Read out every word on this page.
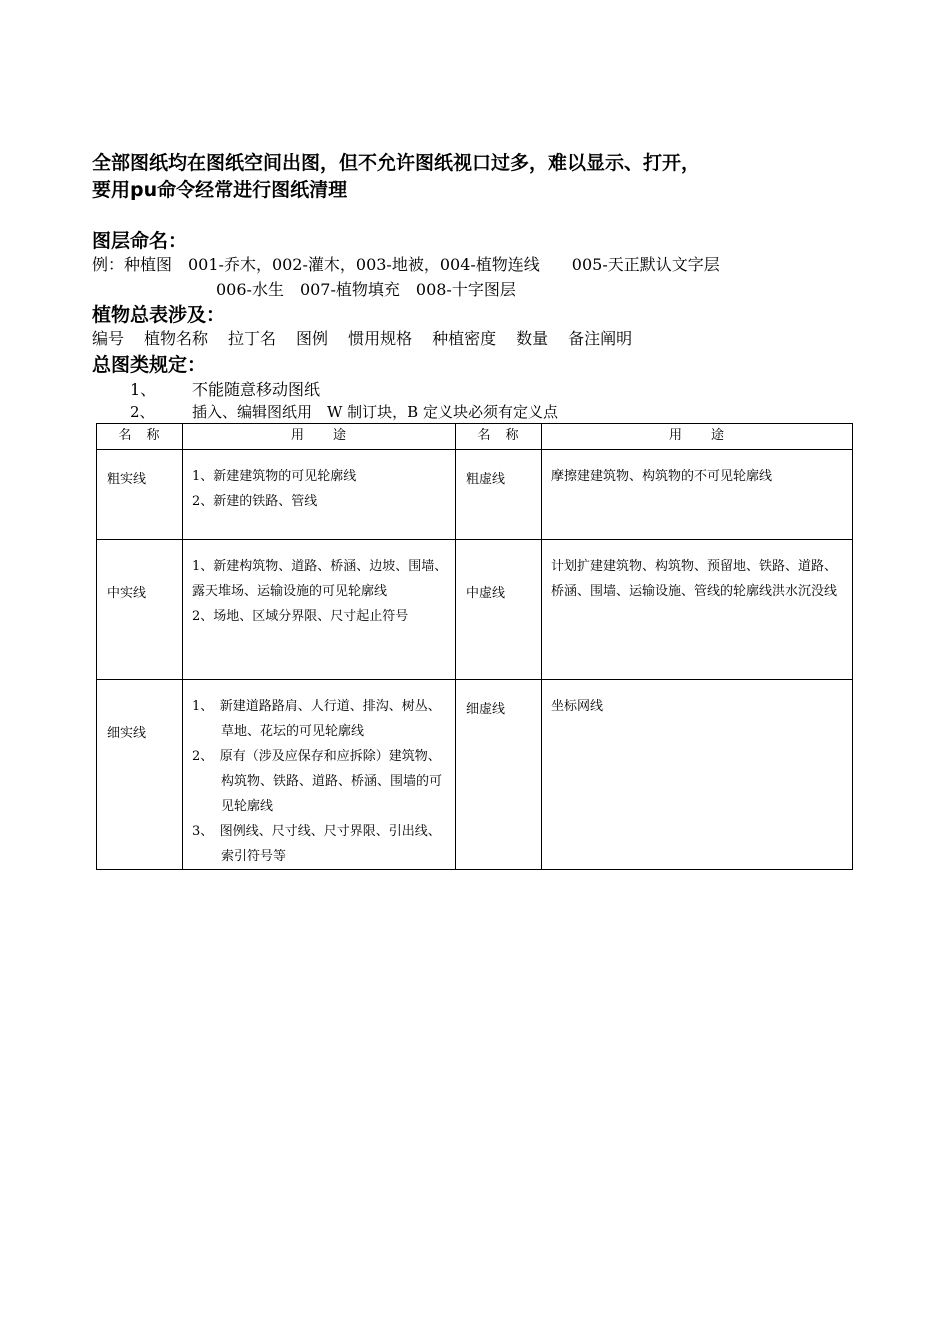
全部图纸均在图纸空间出图，但不允许图纸视口过多，难以显示、打开，
要用pu命令经常进行图纸清理
图层命名：
例：种植图　001-乔木，002-灌木，003-地被，004-植物连线　　005-天正默认文字层
006-水生　007-植物填充　008-十字图层
植物总表涉及：
编号 植物名称 拉丁名 图例 惯用规格 种植密度 数量 备注阐明
总图类规定：
1、 不能随意移动图纸
2、 插入、编辑图纸用　W 制订块，B 定义块必须有定义点
名　称	用　　途	名　称	用　　途
粗实线	1、新建建筑物的可见轮廓线
2、新建的铁路、管线	粗虚线	摩擦建建筑物、构筑物的不可见轮廓线
中实线	1、新建构筑物、道路、桥涵、边坡、围墙、露天堆场、运输设施的可见轮廓线
2、场地、区域分界限、尺寸起止符号	中虚线	计划扩建建筑物、构筑物、预留地、铁路、道路、桥涵、围墙、运输设施、管线的轮廓线洪水沉没线
细实线	1、　新建道路路肩、人行道、排沟、树丛、草地、花坛的可见轮廓线
2、　原有（涉及应保存和应拆除）建筑物、构筑物、铁路、道路、桥涵、围墙的可见轮廓线
3、　图例线、尺寸线、尺寸界限、引出线、索引符号等	细虚线	坐标网线
